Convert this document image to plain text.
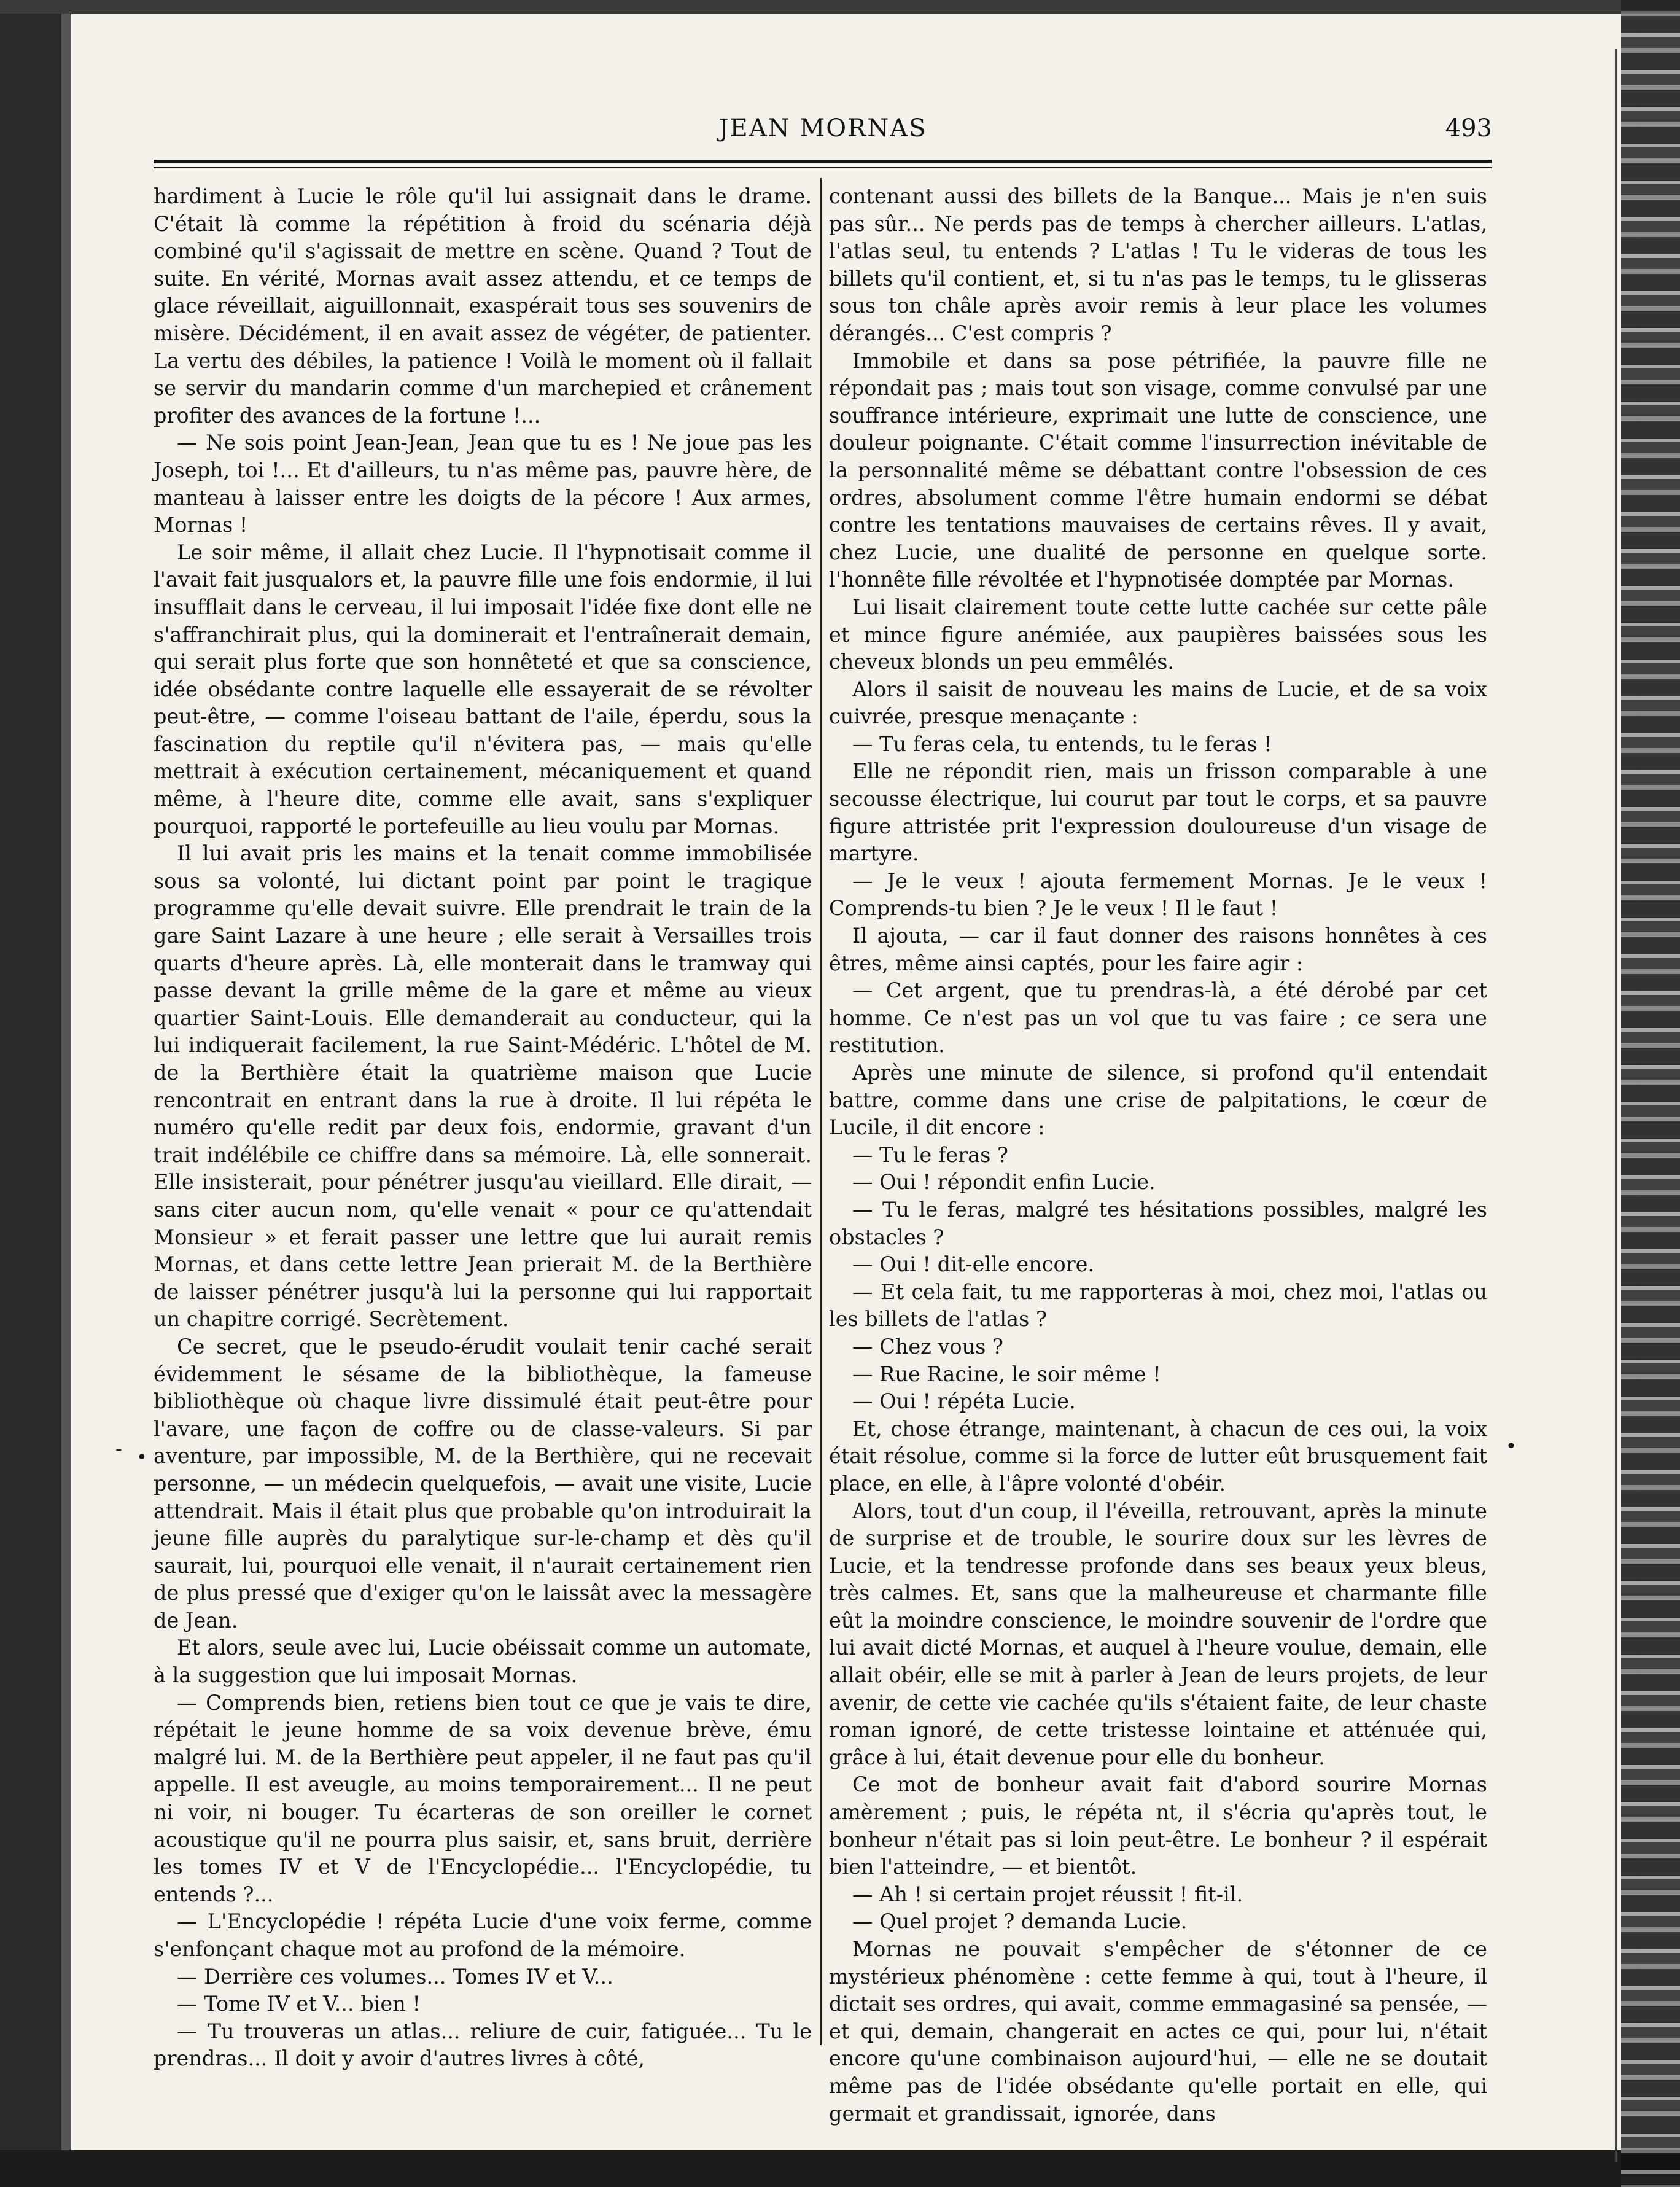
JEAN MORNAS	493

hardiment à Lucie le rôle qu'il lui assignait dans le drame. C'était là comme la répétition à froid du scénaria déjà combiné qu'il s'agissait de mettre en scène. Quand ? Tout de suite. En vérité, Mornas avait assez attendu, et ce temps de glace réveillait, aiguillonnait, exaspérait tous ses souvenirs de misère. Décidément, il en avait assez de végéter, de patienter. La vertu des débiles, la patience ! Voilà le moment où il fallait se servir du mandarin comme d'un marchepied et crânement profiter des avances de la fortune !...

— Ne sois point Jean-Jean, Jean que tu es ! Ne joue pas les Joseph, toi !... Et d'ailleurs, tu n'as même pas, pauvre hère, de manteau à laisser entre les doigts de la pécore ! Aux armes, Mornas !

Le soir même, il allait chez Lucie. Il l'hypnotisait comme il l'avait fait jusqualors et, la pauvre fille une fois endormie, il lui insufflait dans le cerveau, il lui imposait l'idée fixe dont elle ne s'affranchirait plus, qui la dominerait et l'entraînerait demain, qui serait plus forte que son honnêteté et que sa conscience, idée obsédante contre laquelle elle essayerait de se révolter peut-être, — comme l'oiseau battant de l'aile, éperdu, sous la fascination du reptile qu'il n'évitera pas, — mais qu'elle mettrait à exécution certainement, mécaniquement et quand même, à l'heure dite, comme elle avait, sans s'expliquer pourquoi, rapporté le portefeuille au lieu voulu par Mornas.

Il lui avait pris les mains et la tenait comme immobilisée sous sa volonté, lui dictant point par point le tragique programme qu'elle devait suivre. Elle prendrait le train de la gare Saint Lazare à une heure ; elle serait à Versailles trois quarts d'heure après. Là, elle monterait dans le tramway qui passe devant la grille même de la gare et même au vieux quartier Saint-Louis. Elle demanderait au conducteur, qui la lui indiquerait facilement, la rue Saint-Médéric. L'hôtel de M. de la Berthière était la quatrième maison que Lucie rencontrait en entrant dans la rue à droite. Il lui répéta le numéro qu'elle redit par deux fois, endormie, gravant d'un trait indélébile ce chiffre dans sa mémoire. Là, elle sonnerait. Elle insisterait, pour pénétrer jusqu'au vieillard. Elle dirait, — sans citer aucun nom, qu'elle venait « pour ce qu'attendait Monsieur » et ferait passer une lettre que lui aurait remis Mornas, et dans cette lettre Jean prierait M. de la Berthière de laisser pénétrer jusqu'à lui la personne qui lui rapportait un chapitre corrigé. Secrètement.

Ce secret, que le pseudo-érudit voulait tenir caché serait évidemment le sésame de la bibliothèque, la fameuse bibliothèque où chaque livre dissimulé était peut-être pour l'avare, une façon de coffre ou de classe-valeurs. Si par aventure, par impossible, M. de la Berthière, qui ne recevait personne, — un médecin quelquefois, — avait une visite, Lucie attendrait. Mais il était plus que probable qu'on introduirait la jeune fille auprès du paralytique sur-le-champ et dès qu'il saurait, lui, pourquoi elle venait, il n'aurait certainement rien de plus pressé que d'exiger qu'on le laissât avec la messagère de Jean.

Et alors, seule avec lui, Lucie obéissait comme un automate, à la suggestion que lui imposait Mornas.

— Comprends bien, retiens bien tout ce que je vais te dire, répétait le jeune homme de sa voix devenue brève, ému malgré lui. M. de la Berthière peut appeler, il ne faut pas qu'il appelle. Il est aveugle, au moins temporairement... Il ne peut ni voir, ni bouger. Tu écarteras de son oreiller le cornet acoustique qu'il ne pourra plus saisir, et, sans bruit, derrière les tomes IV et V de l'Encyclopédie... l'Encyclopédie, tu entends ?...

— L'Encyclopédie ! répéta Lucie d'une voix ferme, comme s'enfonçant chaque mot au profond de la mémoire.

— Derrière ces volumes... Tomes IV et V...

— Tome IV et V... bien !

— Tu trouveras un atlas... reliure de cuir, fatiguée... Tu le prendras... Il doit y avoir d'autres livres à côté,

contenant aussi des billets de la Banque... Mais je n'en suis pas sûr... Ne perds pas de temps à chercher ailleurs. L'atlas, l'atlas seul, tu entends ? L'atlas ! Tu le videras de tous les billets qu'il contient, et, si tu n'as pas le temps, tu le glisseras sous ton châle après avoir remis à leur place les volumes dérangés... C'est compris ?

Immobile et dans sa pose pétrifiée, la pauvre fille ne répondait pas ; mais tout son visage, comme convulsé par une souffrance intérieure, exprimait une lutte de conscience, une douleur poignante. C'était comme l'insurrection inévitable de la personnalité même se débattant contre l'obsession de ces ordres, absolument comme l'être humain endormi se débat contre les tentations mauvaises de certains rêves. Il y avait, chez Lucie, une dualité de personne en quelque sorte. l'honnête fille révoltée et l'hypnotisée domptée par Mornas.

Lui lisait clairement toute cette lutte cachée sur cette pâle et mince figure anémiée, aux paupières baissées sous les cheveux blonds un peu emmêlés.

Alors il saisit de nouveau les mains de Lucie, et de sa voix cuivrée, presque menaçante :

— Tu feras cela, tu entends, tu le feras !

Elle ne répondit rien, mais un frisson comparable à une secousse électrique, lui courut par tout le corps, et sa pauvre figure attristée prit l'expression douloureuse d'un visage de martyre.

— Je le veux ! ajouta fermement Mornas. Je le veux ! Comprends-tu bien ? Je le veux ! Il le faut !

Il ajouta, — car il faut donner des raisons honnêtes à ces êtres, même ainsi captés, pour les faire agir :

— Cet argent, que tu prendras-là, a été dérobé par cet homme. Ce n'est pas un vol que tu vas faire ; ce sera une restitution.

Après une minute de silence, si profond qu'il entendait battre, comme dans une crise de palpitations, le cœur de Lucile, il dit encore :

— Tu le feras ?

— Oui ! répondit enfin Lucie.

— Tu le feras, malgré tes hésitations possibles, malgré les obstacles ?

— Oui ! dit-elle encore.

— Et cela fait, tu me rapporteras à moi, chez moi, l'atlas ou les billets de l'atlas ?

— Chez vous ?

— Rue Racine, le soir même !

— Oui ! répéta Lucie.

Et, chose étrange, maintenant, à chacun de ces oui, la voix était résolue, comme si la force de lutter eût brusquement fait place, en elle, à l'âpre volonté d'obéir.

Alors, tout d'un coup, il l'éveilla, retrouvant, après la minute de surprise et de trouble, le sourire doux sur les lèvres de Lucie, et la tendresse profonde dans ses beaux yeux bleus, très calmes. Et, sans que la malheureuse et charmante fille eût la moindre conscience, le moindre souvenir de l'ordre que lui avait dicté Mornas, et auquel à l'heure voulue, demain, elle allait obéir, elle se mit à parler à Jean de leurs projets, de leur avenir, de cette vie cachée qu'ils s'étaient faite, de leur chaste roman ignoré, de cette tristesse lointaine et atténuée qui, grâce à lui, était devenue pour elle du bonheur.

Ce mot de bonheur avait fait d'abord sourire Mornas amèrement ; puis, le répéta nt, il s'écria qu'après tout, le bonheur n'était pas si loin peut-être. Le bonheur ? il espérait bien l'atteindre, — et bientôt.

— Ah ! si certain projet réussit ! fit-il.

— Quel projet ? demanda Lucie.

Mornas ne pouvait s'empêcher de s'étonner de ce mystérieux phénomène : cette femme à qui, tout à l'heure, il dictait ses ordres, qui avait, comme emmagasiné sa pensée, — et qui, demain, changerait en actes ce qui, pour lui, n'était encore qu'une combinaison aujourd'hui, — elle ne se doutait même pas de l'idée obsédante qu'elle portait en elle, qui germait et grandissait, ignorée, dans

- •
•
